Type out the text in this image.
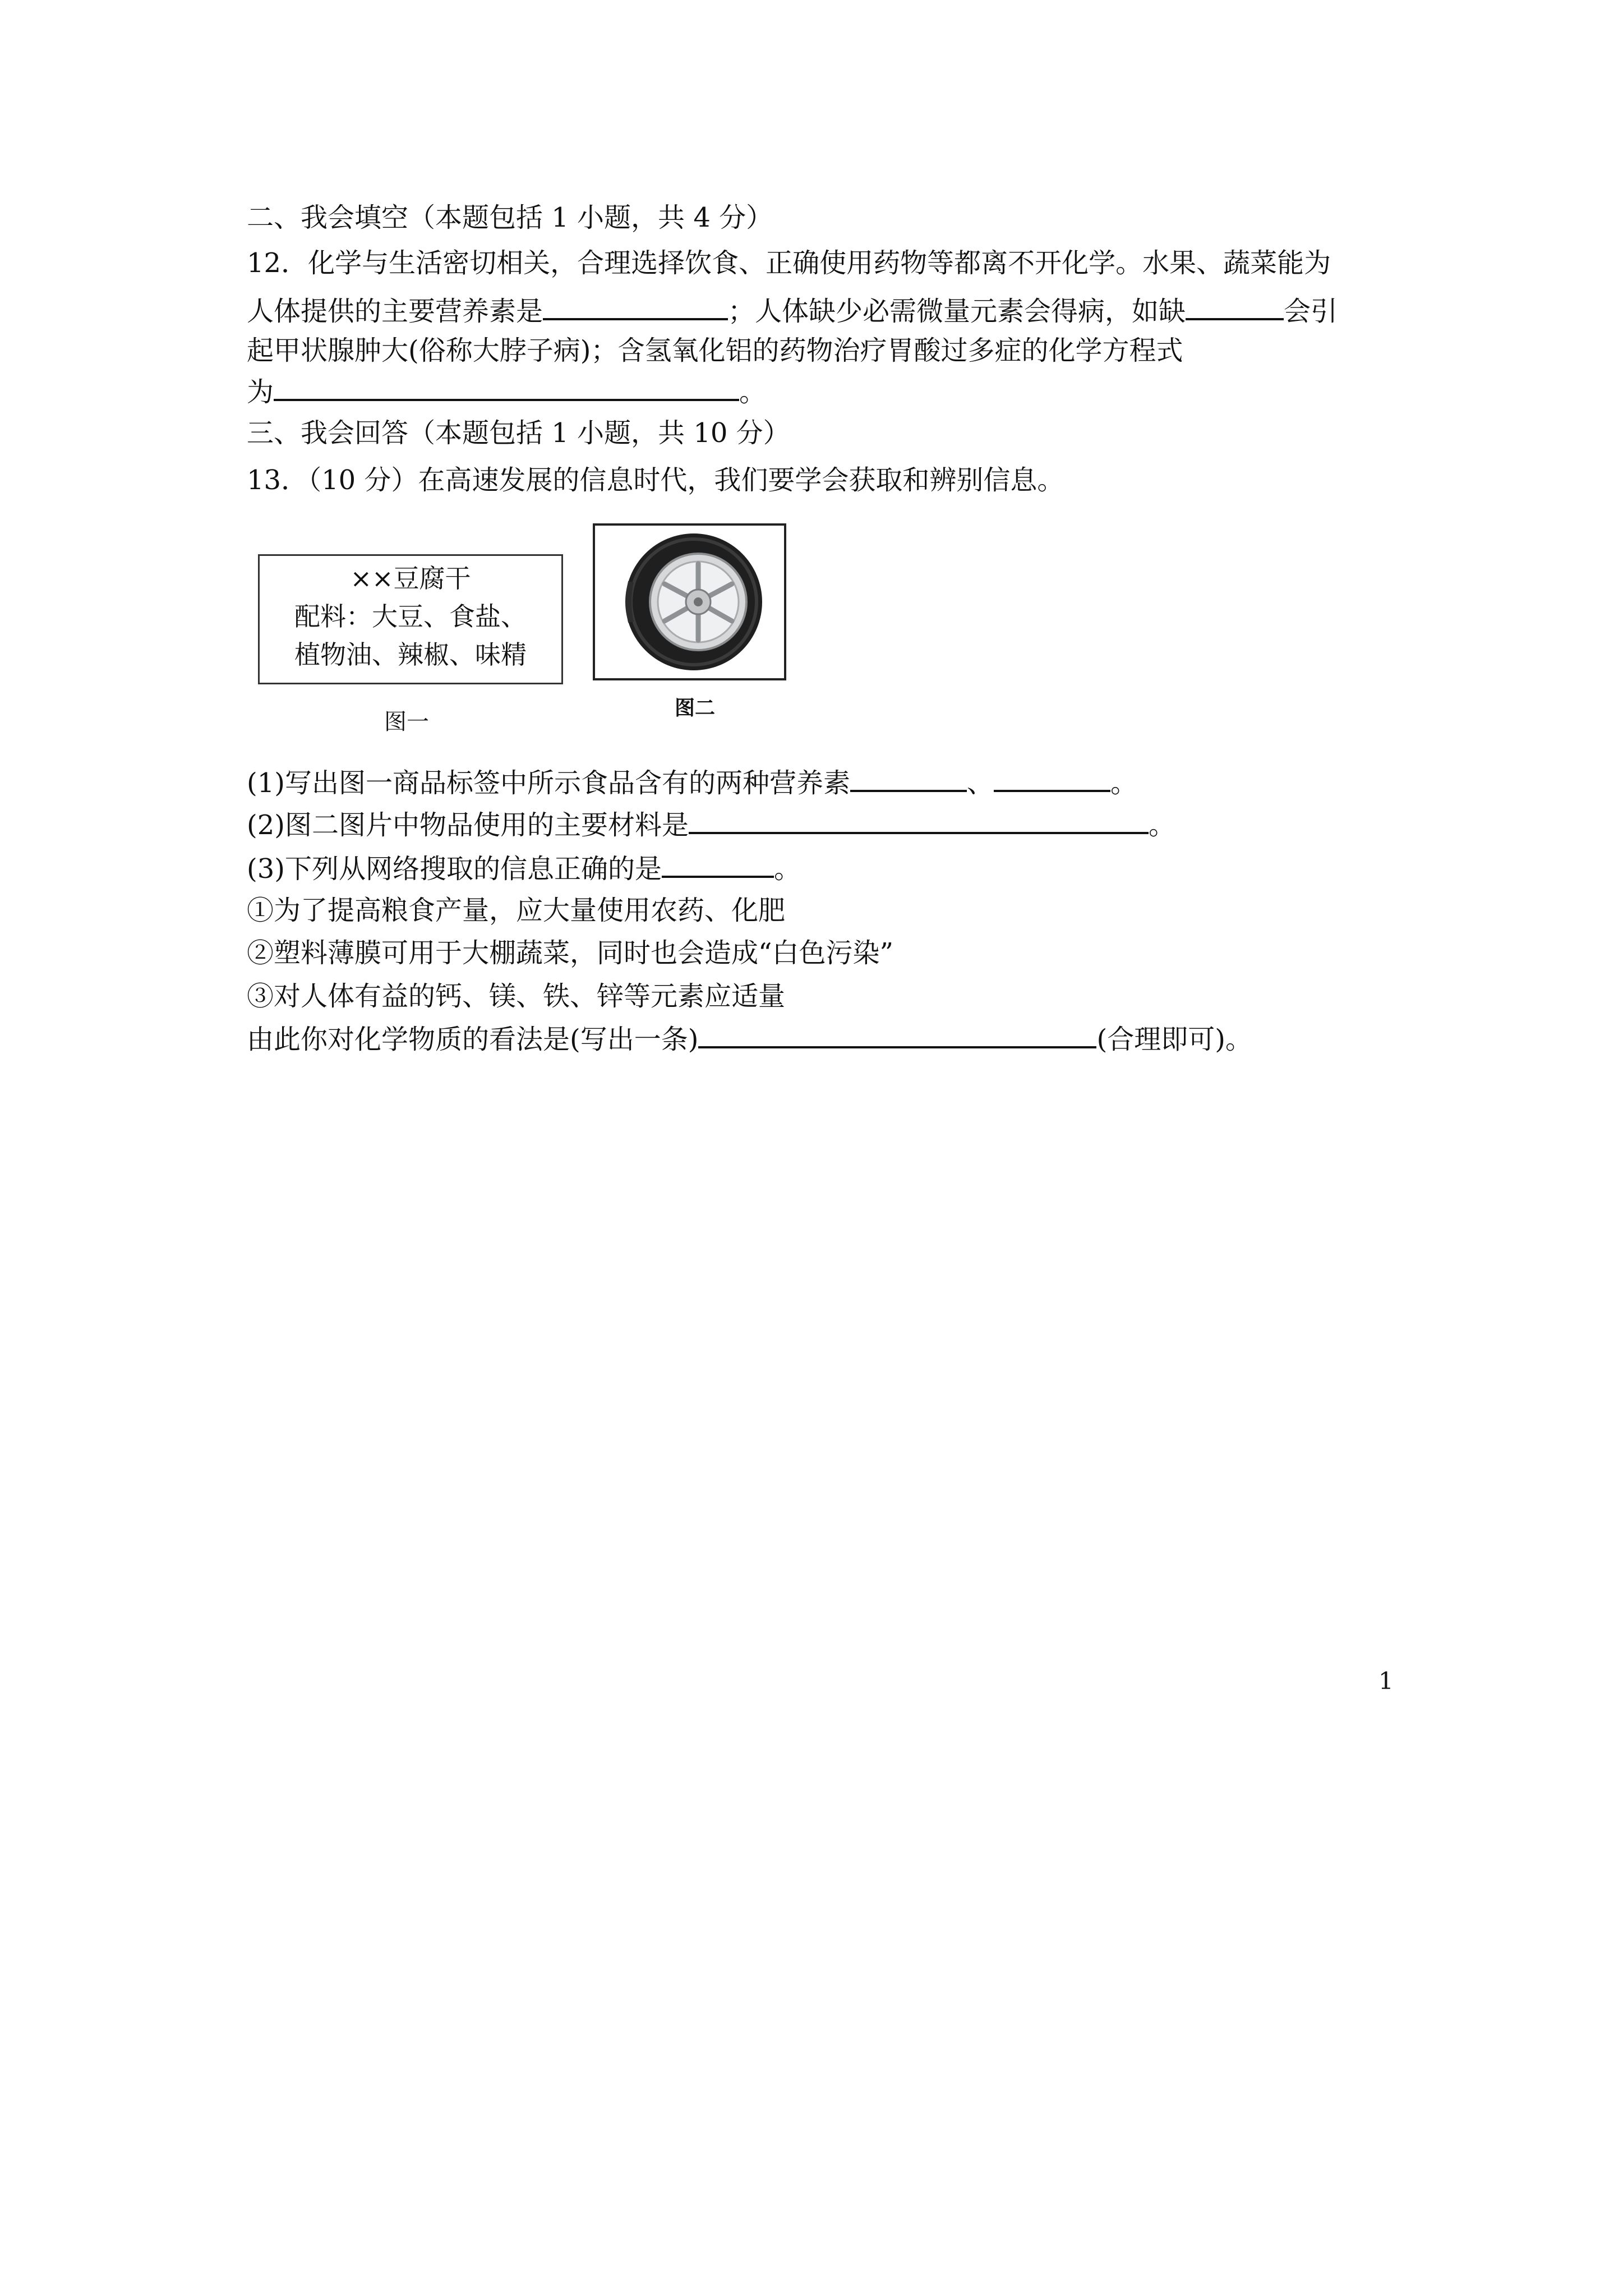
二、我会填空（本题包括 1 小题，共 4 分）
12．化学与生活密切相关，合理选择饮食、正确使用药物等都离不开化学。水果、蔬菜能为
人体提供的主要营养素是	；人体缺少必需微量元素会得病，如缺	会引
起甲状腺肿大(俗称大脖子病)；含氢氧化铝的药物治疗胃酸过多症的化学方程式
为	。
三、我会回答（本题包括 1 小题，共 10 分）
13．（10 分）在高速发展的信息时代，我们要学会获取和辨别信息。
××豆腐干
配料：大豆、食盐、
植物油、辣椒、味精
图一
图二
(1)写出图一商品标签中所示食品含有的两种营养素	、	。
(2)图二图片中物品使用的主要材料是	。
(3)下列从网络搜取的信息正确的是	。
①为了提高粮食产量，应大量使用农药、化肥
②塑料薄膜可用于大棚蔬菜，同时也会造成“白色污染”
③对人体有益的钙、镁、铁、锌等元素应适量
由此你对化学物质的看法是(写出一条)	(合理即可)。
1
